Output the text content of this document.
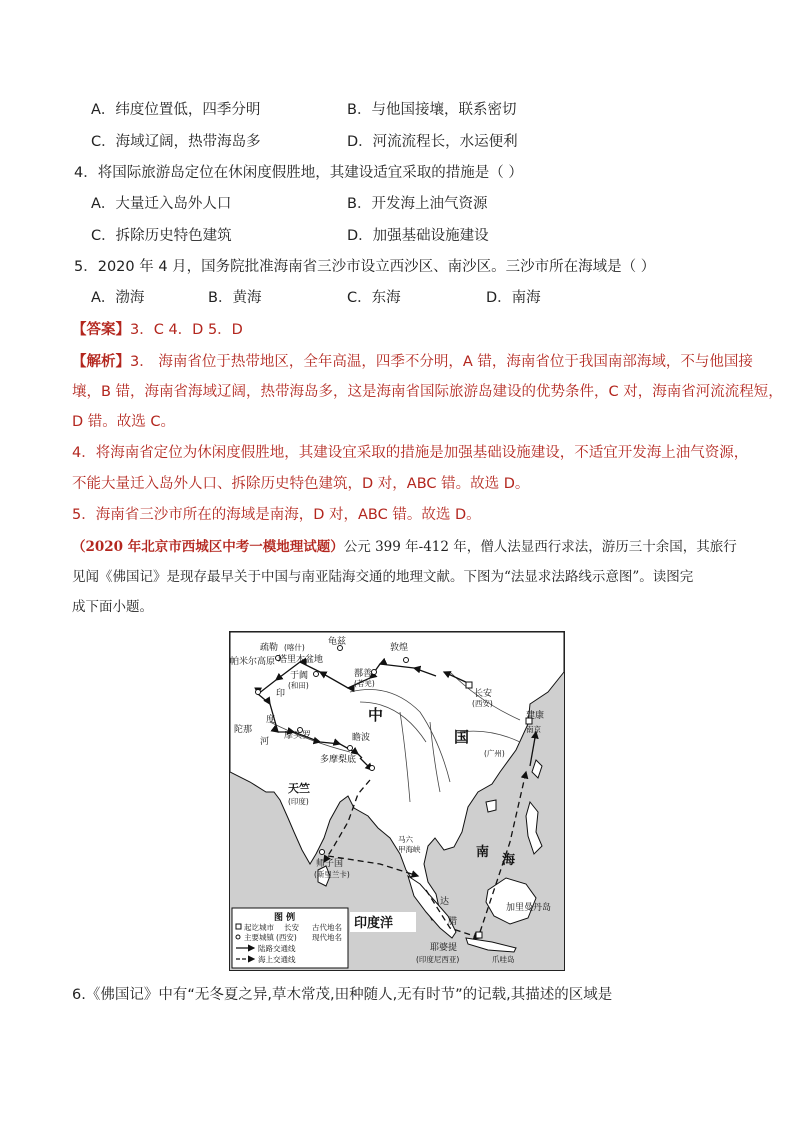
A．纬度位置低，四季分明	B．与他国接壤，联系密切
C．海域辽阔，热带海岛多	D．河流流程长，水运便利
4．将国际旅游岛定位在休闲度假胜地，其建设适宜采取的措施是（ ）
A．大量迁入岛外人口	B．开发海上油气资源
C．拆除历史特色建筑	D．加强基础设施建设
5．2020 年 4 月，国务院批准海南省三沙市设立西沙区、南沙区。三沙市所在海域是（ ）
A．渤海	B．黄海	C．东海	D．南海
【答案】3．C 4．D 5．D
【解析】3． 海南省位于热带地区，全年高温，四季不分明，A 错，海南省位于我国南部海域，不与他国接
壤，B 错，海南省海域辽阔，热带海岛多，这是海南省国际旅游岛建设的优势条件，C 对，海南省河流流程短，
D 错。故选 C。
4．将海南省定位为休闲度假胜地，其建设宜采取的措施是加强基础设施建设，不适宜开发海上油气资源，
不能大量迁入岛外人口、拆除历史特色建筑，D 对，ABC 错。故选 D。
5．海南省三沙市所在的海域是南海，D 对，ABC 错。故选 D。
（2020 年北京市西城区中考一模地理试题）公元 399 年-412 年，僧人法显西行求法，游历三十余国，其旅行
见闻《佛国记》是现存最早关于中国与南亚陆海交通的地理文献。下图为“法显求法路线示意图”。读图完
成下面小题。
疏勒 (喀什)
龟兹
塔里木盆地
敦煌
帕米尔高原
于阗
(和田)
鄯善
(若羌)
长安
(西安)
建康
南京
(广州)
印
度
河
陀那
摩头罗	瞻波
多摩梨底
中
国
天竺
(印度)
师子国
(斯里兰卡)
马六
甲海峡
达
腊
南
海
加里曼丹岛
耶婆提
(印度尼西亚)	爪哇岛
图 例
起讫城市 长安 古代地名
主要城镇 (西安) 现代地名
陆路交通线
海上交通线
印度洋
6.《佛国记》中有“无冬夏之异,草木常茂,田种随人,无有时节”的记载,其描述的区域是
